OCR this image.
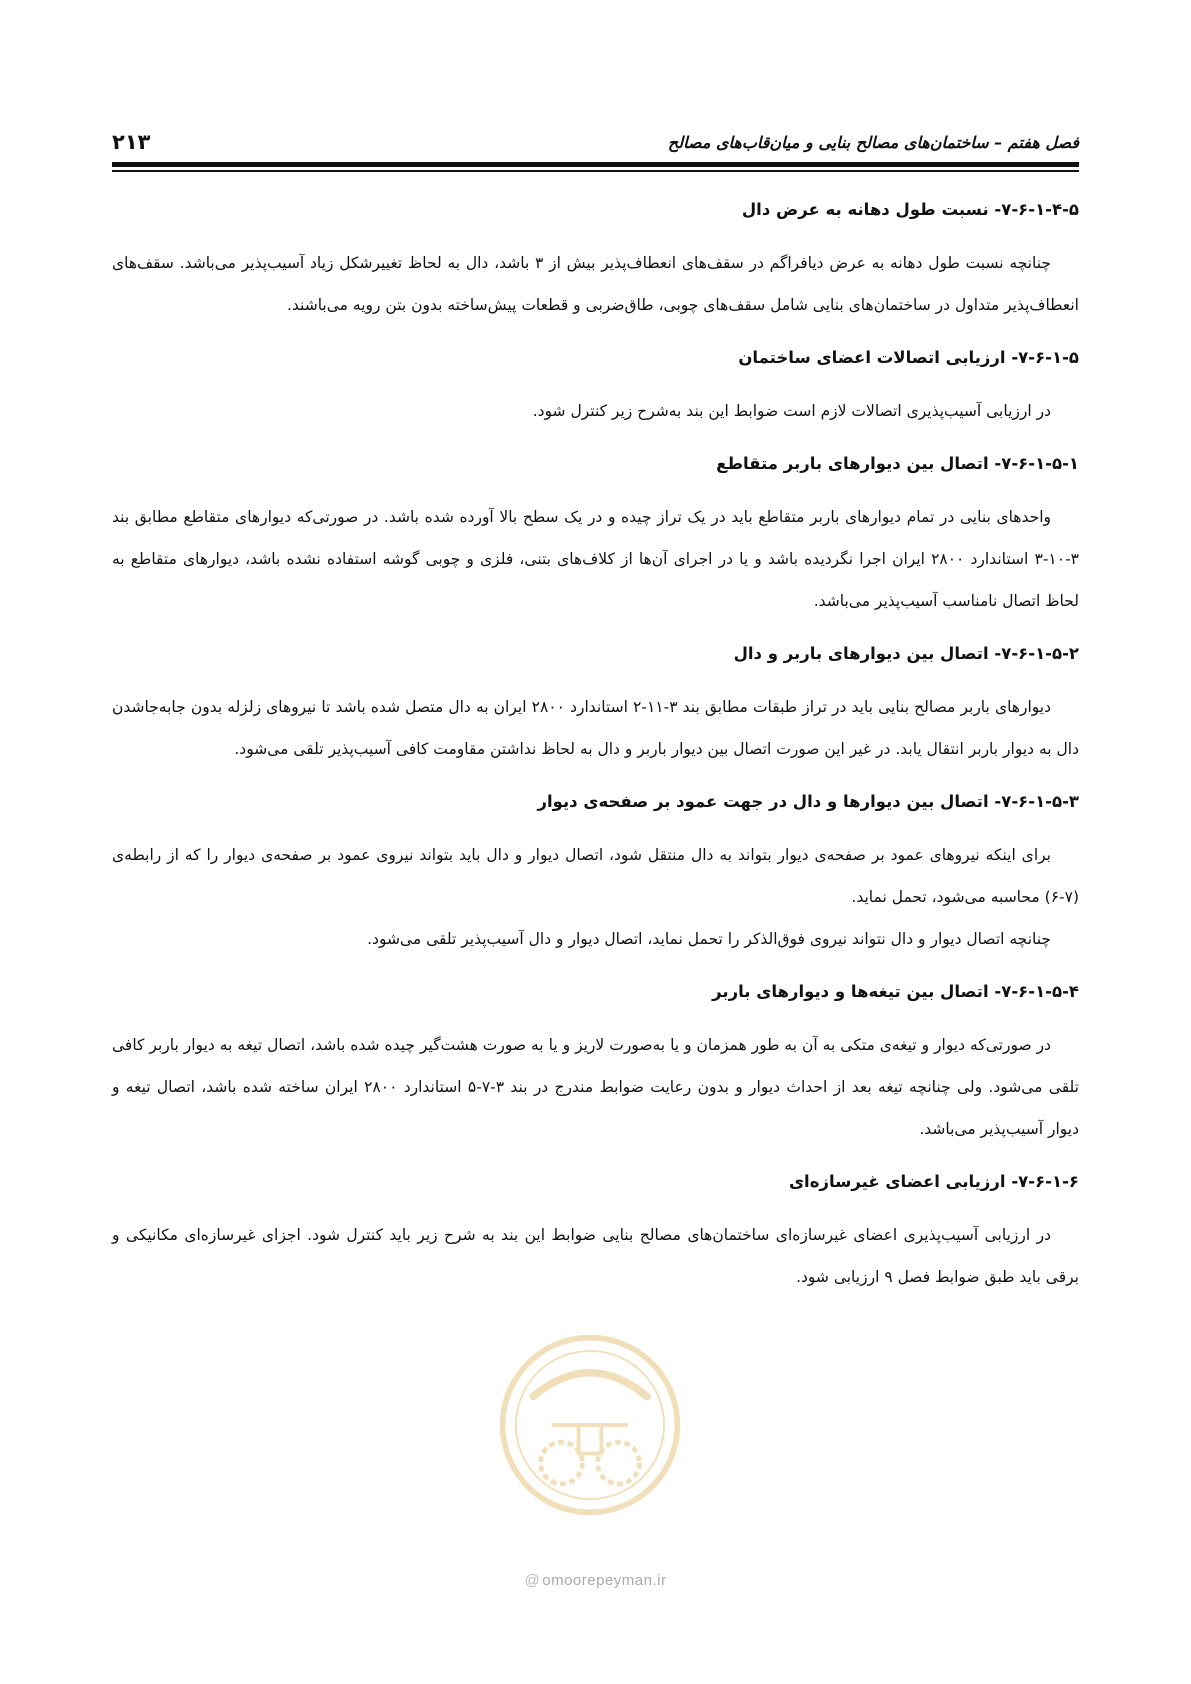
۲۱۳	فصل هفتم – ساختمان‌های مصالح بنایی و میان‌قاب‌های مصالح
۷-۶-۱-۴-۵- نسبت طول دهانه به عرض دال

چنانچه نسبت طول دهانه به عرض دیافراگم در سقف‌های انعطاف‌پذیر بیش از ۳ باشد، دال به لحاظ تغییرشکل زیاد آسیب‌پذیر می‌باشد. سقف‌های انعطاف‌پذیر متداول در ساختمان‌های بنایی شامل سقف‌های چوبی، طاق‌ضربی و قطعات پیش‌ساخته بدون بتن رویه می‌باشند.

۷-۶-۱-۵- ارزیابی اتصالات اعضای ساختمان

در ارزیابی آسیب‌پذیری اتصالات لازم است ضوابط این بند به‌شرح زیر کنترل شود.

۷-۶-۱-۵-۱- اتصال بین دیوارهای باربر متقاطع

واحدهای بنایی در تمام دیوارهای باربر متقاطع باید در یک تراز چیده و در یک سطح بالا آورده شده باشد. در صورتی‌که دیوارهای متقاطع مطابق بند ۳-۱۰-۳ استاندارد ۲۸۰۰ ایران اجرا نگردیده باشد و یا در اجرای آن‌ها از کلاف‌های بتنی، فلزی و چوبی گوشه استفاده نشده باشد، دیوارهای متقاطع به لحاظ اتصال نامناسب آسیب‌پذیر می‌باشد.

۷-۶-۱-۵-۲- اتصال بین دیوارهای باربر و دال

دیوارهای باربر مصالح بنایی باید در تراز طبقات مطابق بند ۳-۱۱-۲ استاندارد ۲۸۰۰ ایران به دال متصل شده باشد تا نیروهای زلزله بدون جابه‌جاشدن دال به دیوار باربر انتقال یابد. در غیر این صورت اتصال بین دیوار باربر و دال به لحاظ نداشتن مقاومت کافی آسیب‌پذیر تلقی می‌شود.

۷-۶-۱-۵-۳- اتصال بین دیوارها و دال در جهت عمود بر صفحه‌ی دیوار

برای اینکه نیروهای عمود بر صفحه‌ی دیوار بتواند به دال منتقل شود، اتصال دیوار و دال باید بتواند نیروی عمود بر صفحه‌ی دیوار را که از رابطه‌ی (۷-۶) محاسبه می‌شود، تحمل نماید.

چنانچه اتصال دیوار و دال نتواند نیروی فوق‌الذکر را تحمل نماید، اتصال دیوار و دال آسیب‌پذیر تلقی می‌شود.

۷-۶-۱-۵-۴- اتصال بین تیغه‌ها و دیوارهای باربر

در صورتی‌که دیوار و تیغه‌ی متکی به آن به طور همزمان و یا به‌صورت لاریز و یا به صورت هشت‌گیر چیده شده باشد، اتصال تیغه به دیوار باربر کافی تلقی می‌شود. ولی چنانچه تیغه بعد از احداث دیوار و بدون رعایت ضوابط مندرج در بند ۳-۷-۵ استاندارد ۲۸۰۰ ایران ساخته شده باشد، اتصال تیغه و دیوار آسیب‌پذیر می‌باشد.

۷-۶-۱-۶- ارزیابی اعضای غیرسازه‌ای

در ارزیابی آسیب‌پذیری اعضای غیرسازه‌ای ساختمان‌های مصالح بنایی ضوابط این بند به شرح زیر باید کنترل شود. اجزای غیرسازه‌ای مکانیکی و برقی باید طبق ضوابط فصل ۹ ارزیابی شود.

@ omoorepeyman.ir
